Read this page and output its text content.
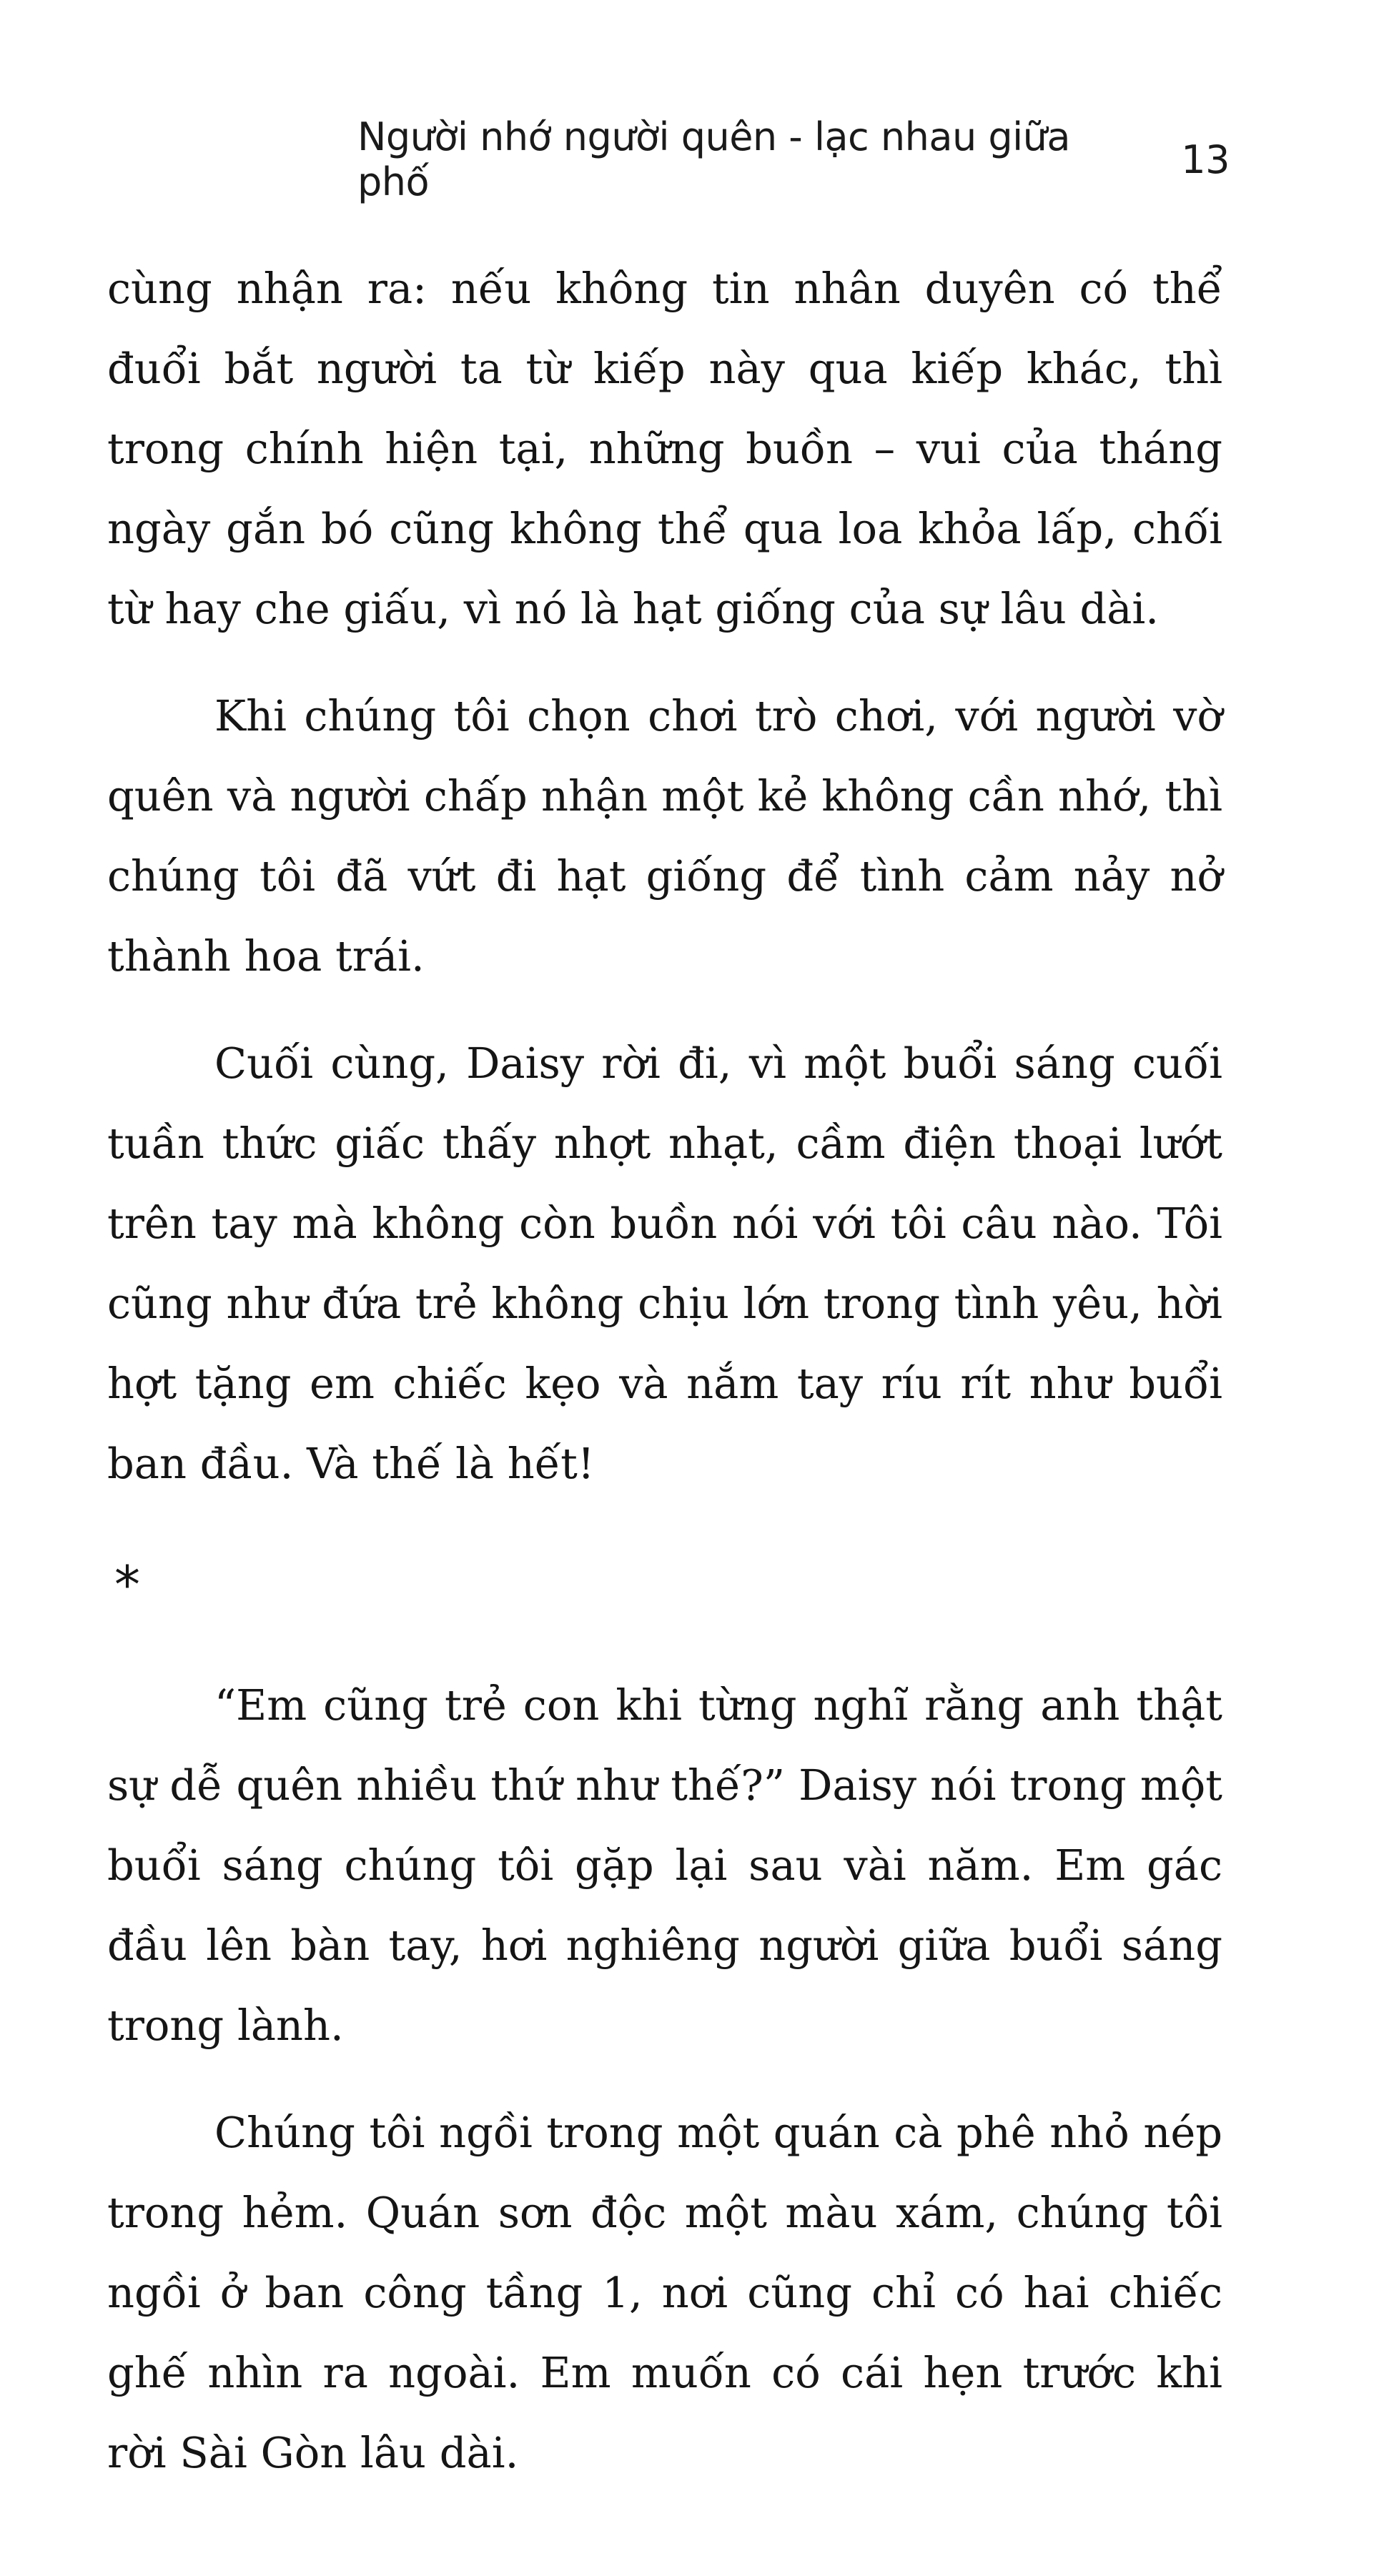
Người nhớ người quên - lạc nhau giữa phố	13

cùng nhận ra: nếu không tin nhân duyên có thể đuổi bắt người ta từ kiếp này qua kiếp khác, thì trong chính hiện tại, những buồn – vui của tháng ngày gắn bó cũng không thể qua loa khỏa lấp, chối từ hay che giấu, vì nó là hạt giống của sự lâu dài.

Khi chúng tôi chọn chơi trò chơi, với người vờ quên và người chấp nhận một kẻ không cần nhớ, thì chúng tôi đã vứt đi hạt giống để tình cảm nảy nở thành hoa trái.

Cuối cùng, Daisy rời đi, vì một buổi sáng cuối tuần thức giấc thấy nhợt nhạt, cầm điện thoại lướt trên tay mà không còn buồn nói với tôi câu nào. Tôi cũng như đứa trẻ không chịu lớn trong tình yêu, hời hợt tặng em chiếc kẹo và nắm tay ríu rít như buổi ban đầu. Và thế là hết!

*

“Em cũng trẻ con khi từng nghĩ rằng anh thật sự dễ quên nhiều thứ như thế?” Daisy nói trong một buổi sáng chúng tôi gặp lại sau vài năm. Em gác đầu lên bàn tay, hơi nghiêng người giữa buổi sáng trong lành.

Chúng tôi ngồi trong một quán cà phê nhỏ nép trong hẻm. Quán sơn độc một màu xám, chúng tôi ngồi ở ban công tầng 1, nơi cũng chỉ có hai chiếc ghế nhìn ra ngoài. Em muốn có cái hẹn trước khi rời Sài Gòn lâu dài.
